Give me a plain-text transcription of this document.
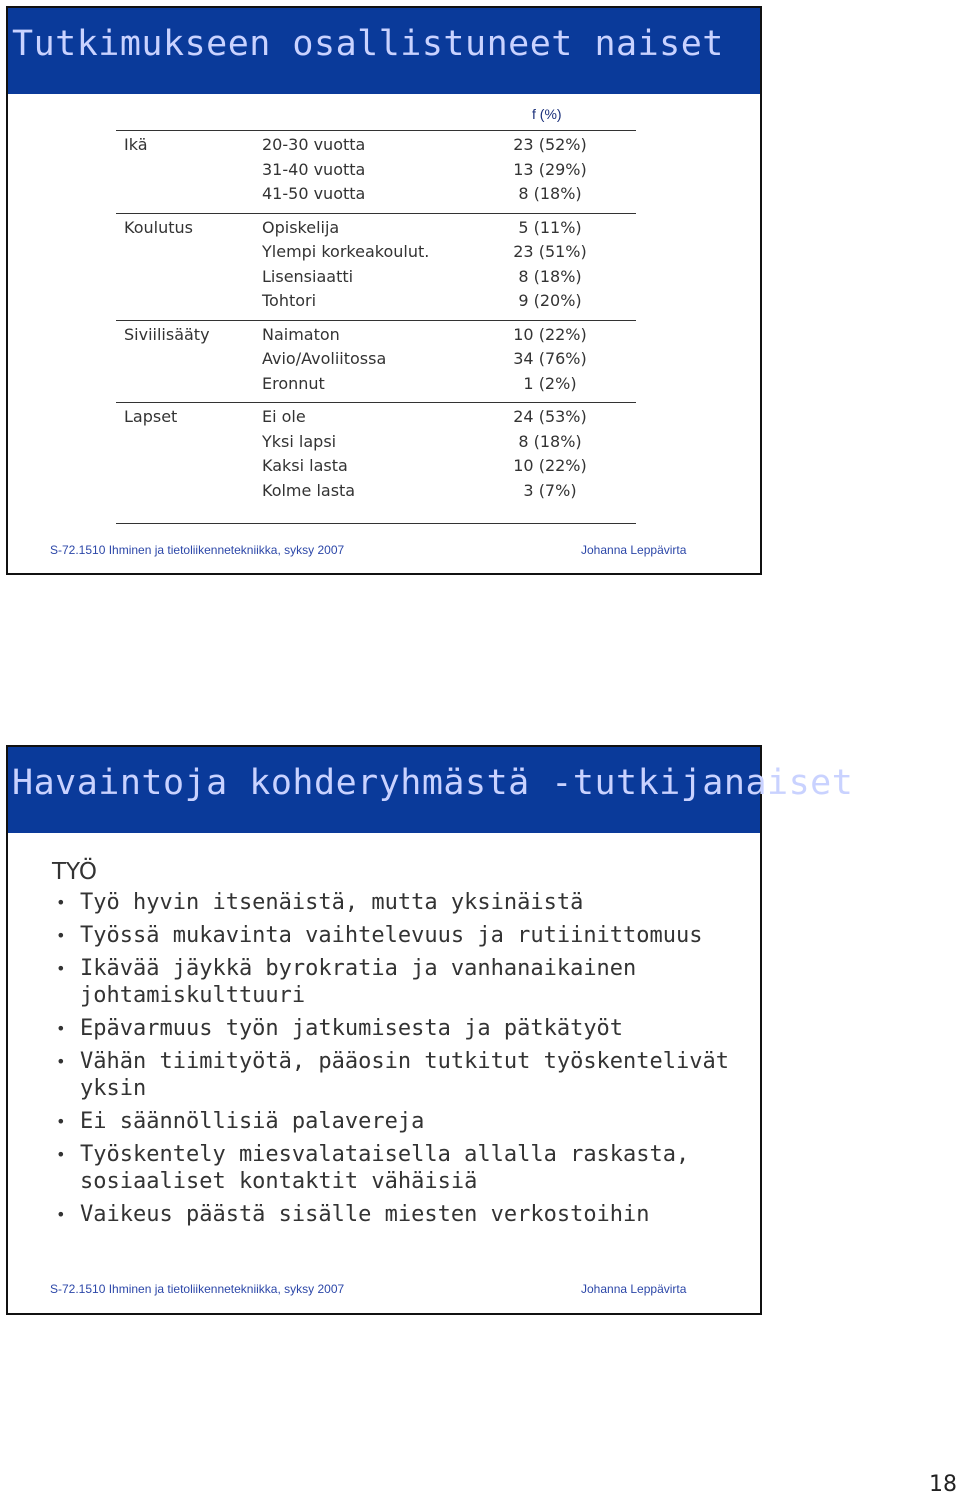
Tutkimukseen osallistuneet naiset
f (%)
Ikä	20-30 vuotta	23 (52%)
31-40 vuotta	13 (29%)
41-50 vuotta	8 (18%)
Koulutus	Opiskelija	5 (11%)
Ylempi korkeakoulut.	23 (51%)
Lisensiaatti	8 (18%)
Tohtori	9 (20%)
Siviilisääty	Naimaton	10 (22%)
Avio/Avoliitossa	34 (76%)
Eronnut	1 (2%)
Lapset	Ei ole	24 (53%)
Yksi lapsi	8 (18%)
Kaksi lasta	10 (22%)
Kolme lasta	3 (7%)
S-72.1510 Ihminen ja tietoliikennetekniikka, syksy 2007	Johanna Leppävirta
Havaintoja kohderyhmästä -tutkijanaiset
TYÖ
• Työ hyvin itsenäistä, mutta yksinäistä
• Työssä mukavinta vaihtelevuus ja rutiinittomuus
• Ikävää jäykkä byrokratia ja vanhanaikainen johtamiskulttuuri
• Epävarmuus työn jatkumisesta ja pätkätyöt
• Vähän tiimityötä, pääosin tutkitut työskentelivät yksin
• Ei säännöllisiä palavereja
• Työskentely miesvalataisella allalla raskasta, sosiaaliset kontaktit vähäisiä
• Vaikeus päästä sisälle miesten verkostoihin
S-72.1510 Ihminen ja tietoliikennetekniikka, syksy 2007	Johanna Leppävirta
18
